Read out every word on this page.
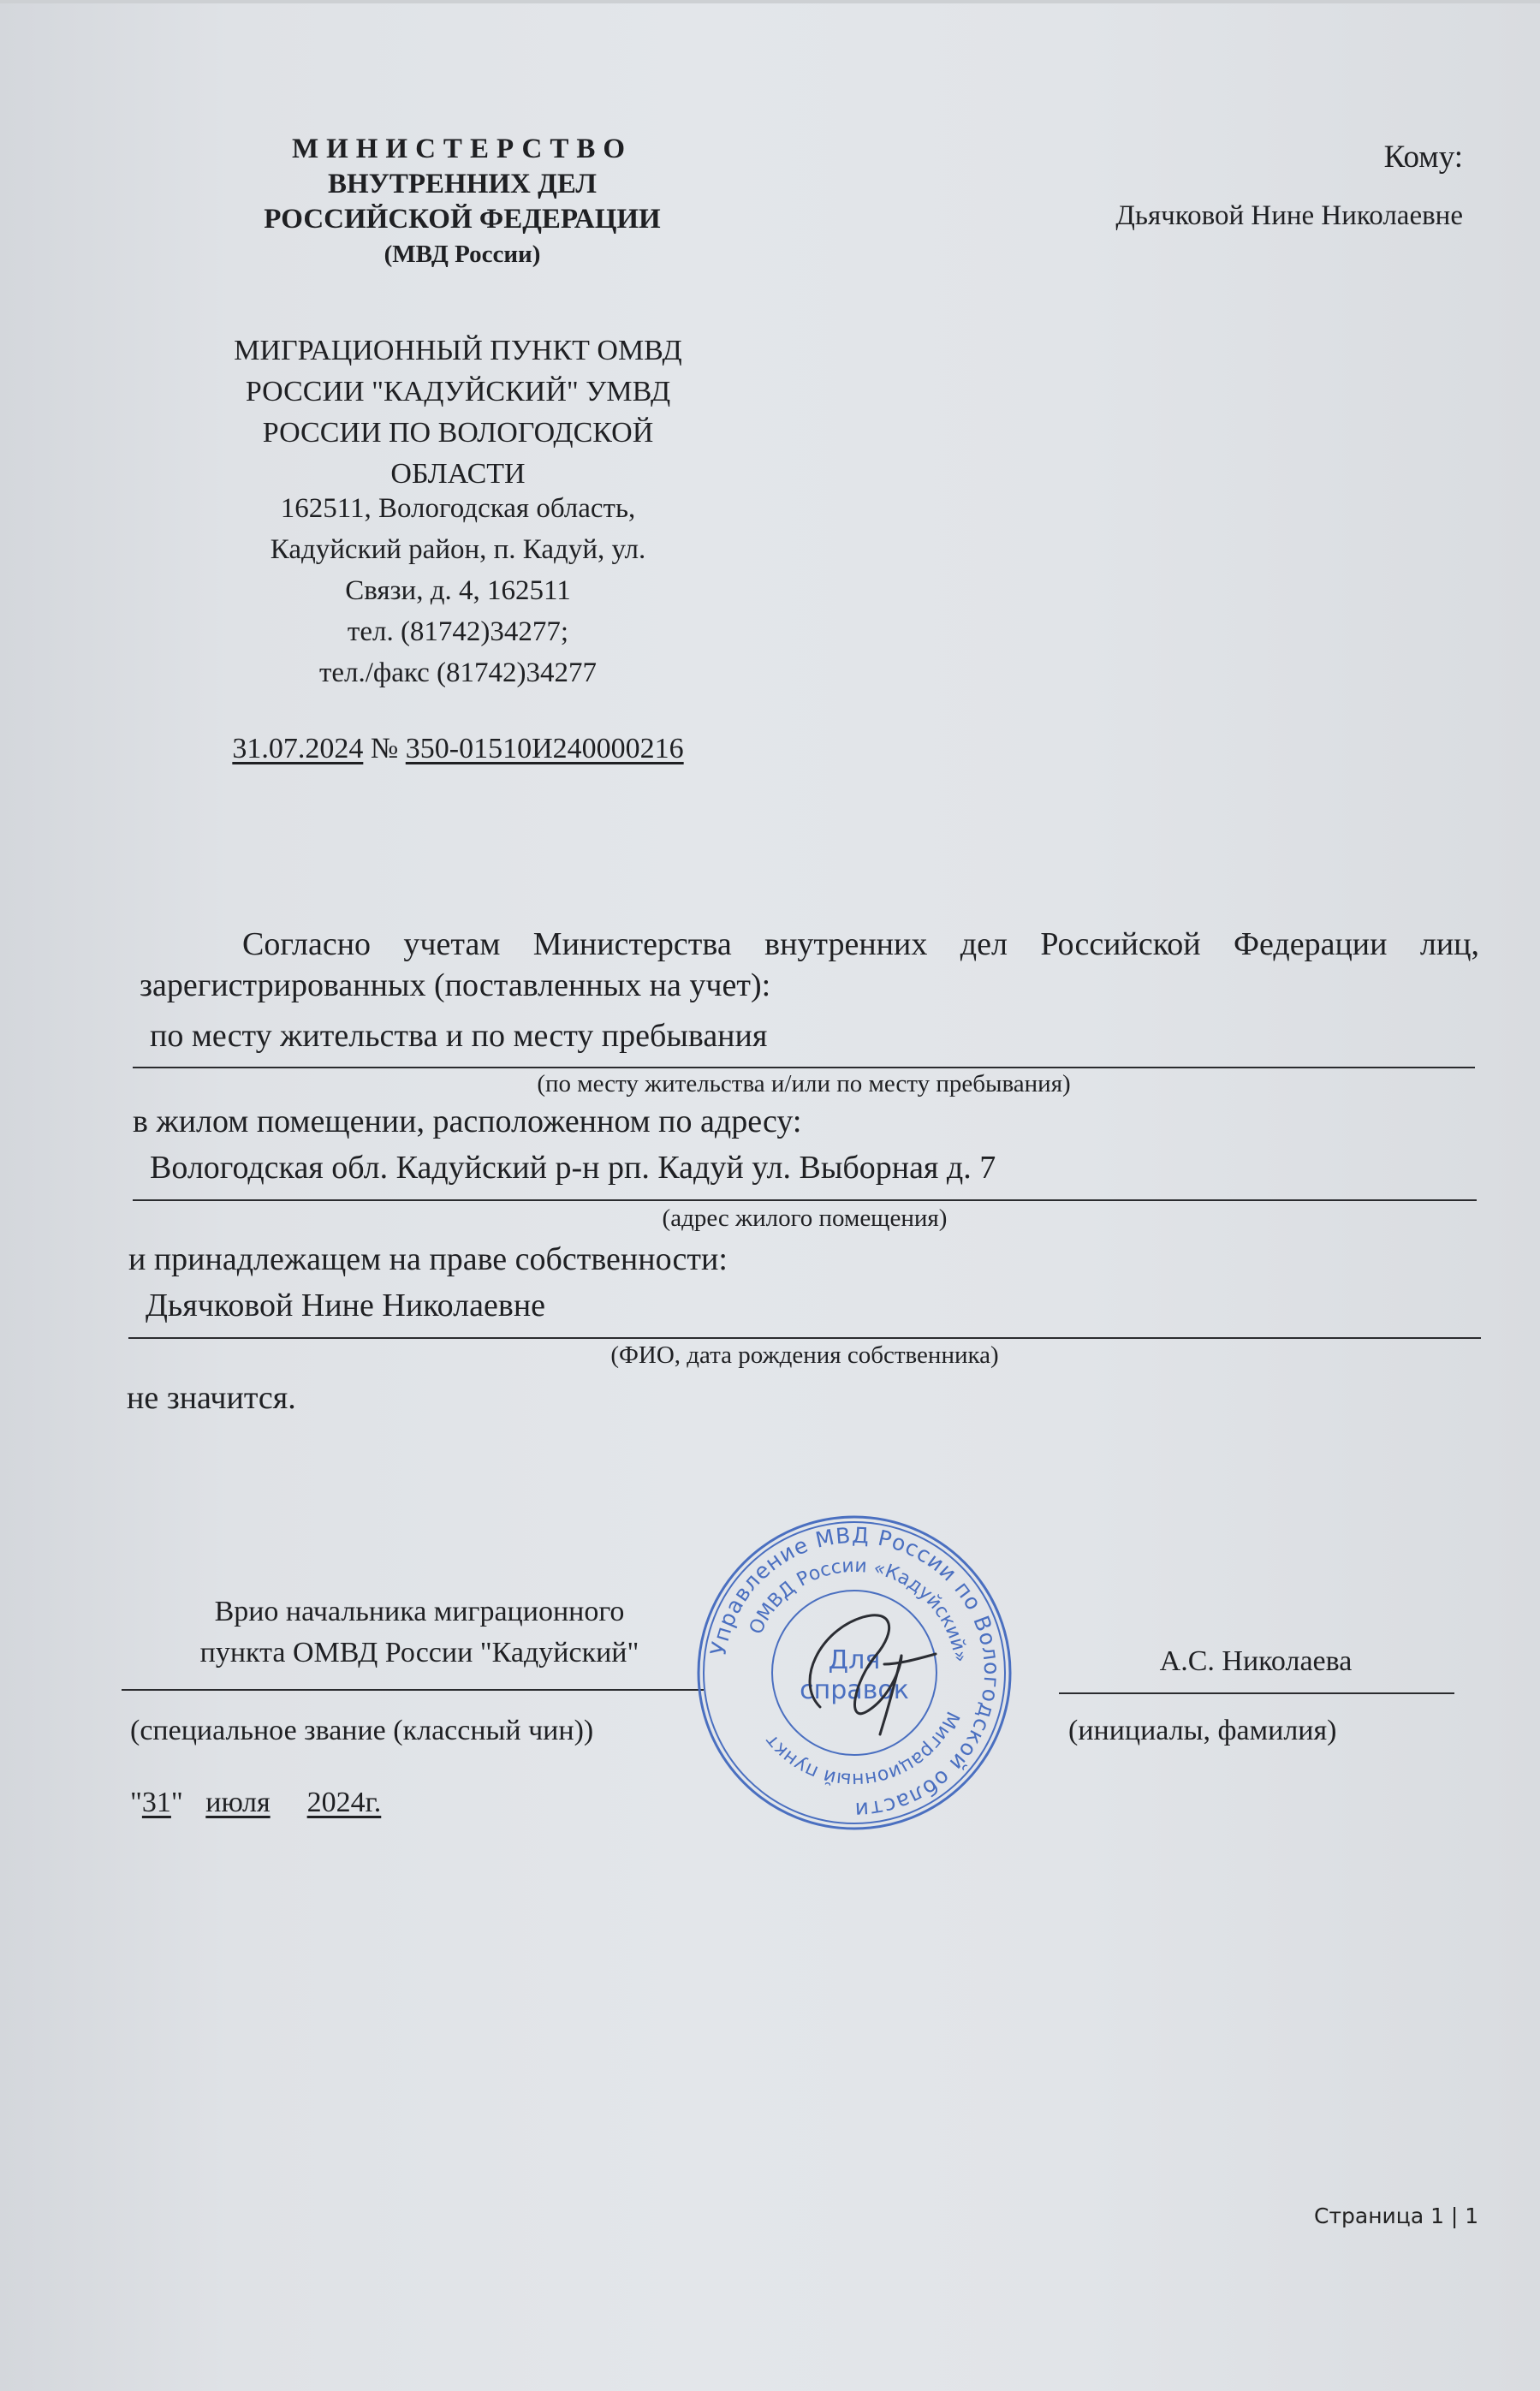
МИНИСТЕРСТВО
ВНУТРЕННИХ ДЕЛ
РОССИЙСКОЙ ФЕДЕРАЦИИ
(МВД России)
МИГРАЦИОННЫЙ ПУНКТ ОМВД
РОССИИ "КАДУЙСКИЙ" УМВД
РОССИИ ПО ВОЛОГОДСКОЙ
ОБЛАСТИ
162511, Вологодская область,
Кадуйский район, п. Кадуй, ул.
Связи, д. 4, 162511
тел. (81742)34277;
тел./факс (81742)34277
31.07.2024 № 350-01510И240000216
Кому:
Дьячковой Нине Николаевне
Согласно учетам Министерства внутренних дел Российской Федерации лиц, зарегистрированных (поставленных на учет):
по месту жительства и по месту пребывания
(по месту жительства и/или по месту пребывания)
в жилом помещении, расположенном по адресу:
Вологодская обл. Кадуйский р-н рп. Кадуй ул. Выборная д. 7
(адрес жилого помещения)
и принадлежащем на праве собственности:
Дьячковой Нине Николаевне
(ФИО, дата рождения собственника)
не значится.
Врио начальника миграционного
пункта ОМВД России "Кадуйский"
(специальное звание (классный чин))
А.С. Николаева
(инициалы, фамилия)
"31" июля 2024г.
Управление МВД России по Вологодской области
ОМВД России «Кадуйский»
Миграционный пункт
Для
справок
Страница 1 | 1
